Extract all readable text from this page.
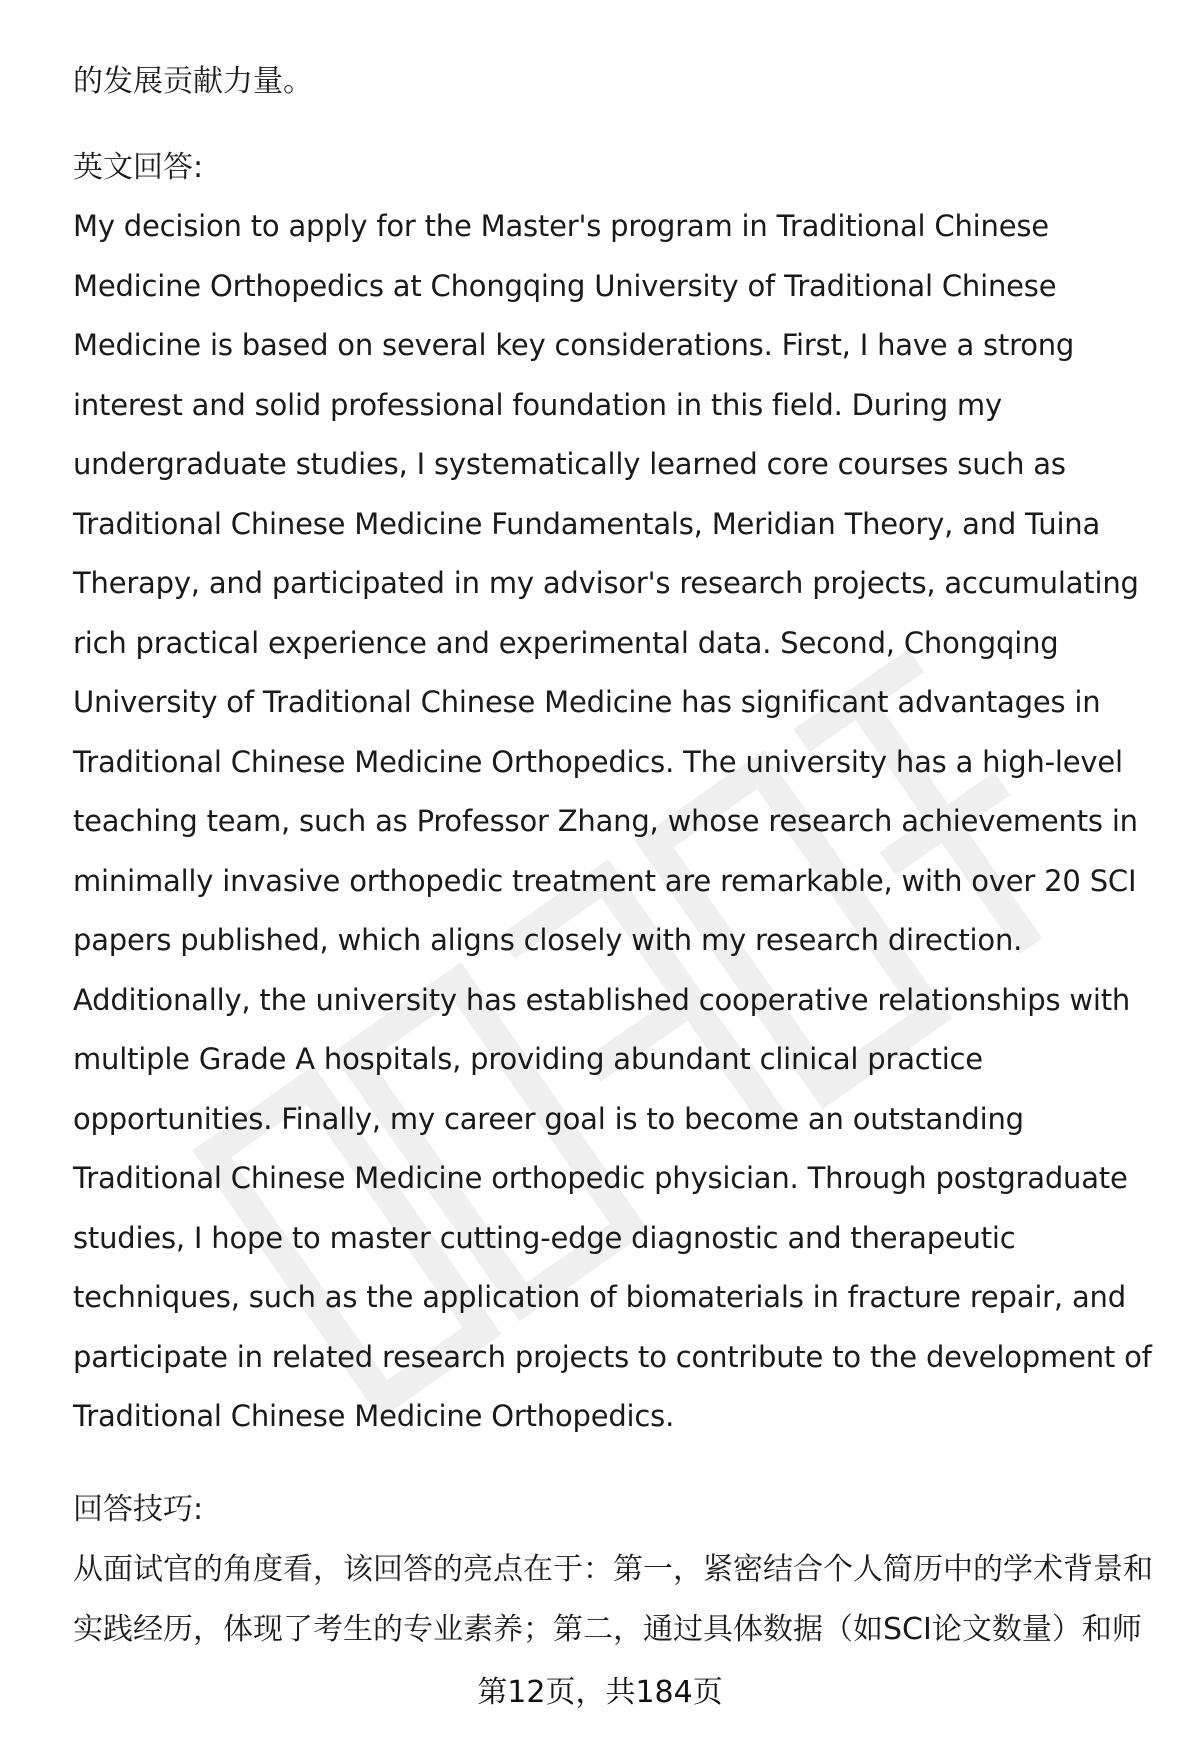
的发展贡献力量。
英文回答:
My decision to apply for the Master's program in Traditional Chinese
Medicine Orthopedics at Chongqing University of Traditional Chinese
Medicine is based on several key considerations. First, I have a strong
interest and solid professional foundation in this field. During my
undergraduate studies, I systematically learned core courses such as
Traditional Chinese Medicine Fundamentals, Meridian Theory, and Tuina
Therapy, and participated in my advisor's research projects, accumulating
rich practical experience and experimental data. Second, Chongqing
University of Traditional Chinese Medicine has significant advantages in
Traditional Chinese Medicine Orthopedics. The university has a high-level
teaching team, such as Professor Zhang, whose research achievements in
minimally invasive orthopedic treatment are remarkable, with over 20 SCI
papers published, which aligns closely with my research direction.
Additionally, the university has established cooperative relationships with
multiple Grade A hospitals, providing abundant clinical practice
opportunities. Finally, my career goal is to become an outstanding
Traditional Chinese Medicine orthopedic physician. Through postgraduate
studies, I hope to master cutting-edge diagnostic and therapeutic
techniques, such as the application of biomaterials in fracture repair, and
participate in related research projects to contribute to the development of
Traditional Chinese Medicine Orthopedics.
回答技巧:
从面试官的角度看，该回答的亮点在于：第一，紧密结合个人简历中的学术背景和
实践经历，体现了考生的专业素养；第二，通过具体数据（如SCI论文数量）和师
第12页，共184页
